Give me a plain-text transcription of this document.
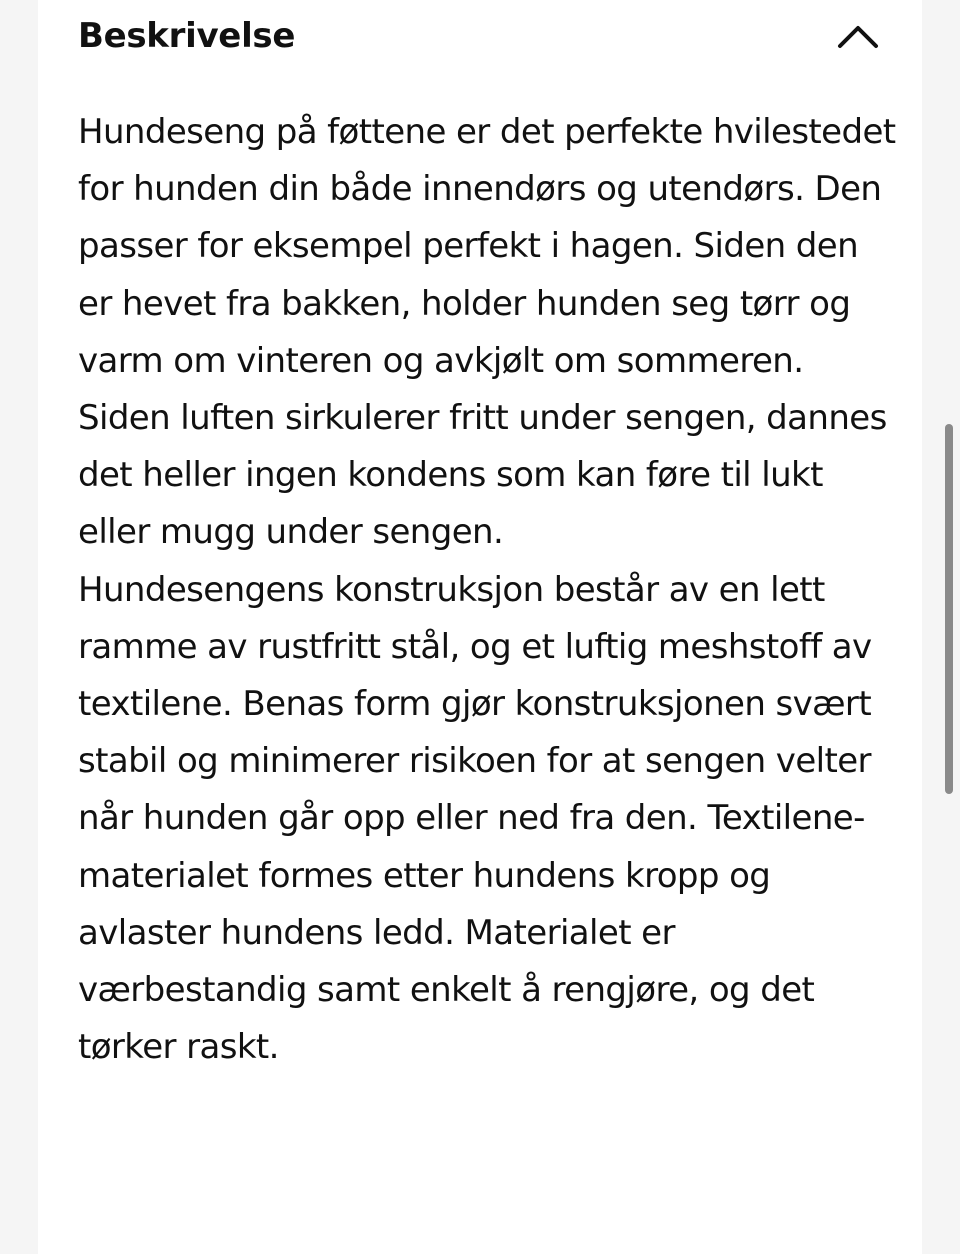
Beskrivelse

Hundeseng på føttene er det perfekte hvilestedet for hunden din både innendørs og utendørs. Den passer for eksempel perfekt i hagen. Siden den er hevet fra bakken, holder hunden seg tørr og varm om vinteren og avkjølt om sommeren. Siden luften sirkulerer fritt under sengen, dannes det heller ingen kondens som kan føre til lukt eller mugg under sengen.

Hundesengens konstruksjon består av en lett ramme av rustfritt stål, og et luftig meshstoff av textilene. Benas form gjør konstruksjonen svært stabil og minimerer risikoen for at sengen velter når hunden går opp eller ned fra den. Textilene-materialet formes etter hundens kropp og avlaster hundens ledd. Materialet er værbestandig samt enkelt å rengjøre, og det tørker raskt.
